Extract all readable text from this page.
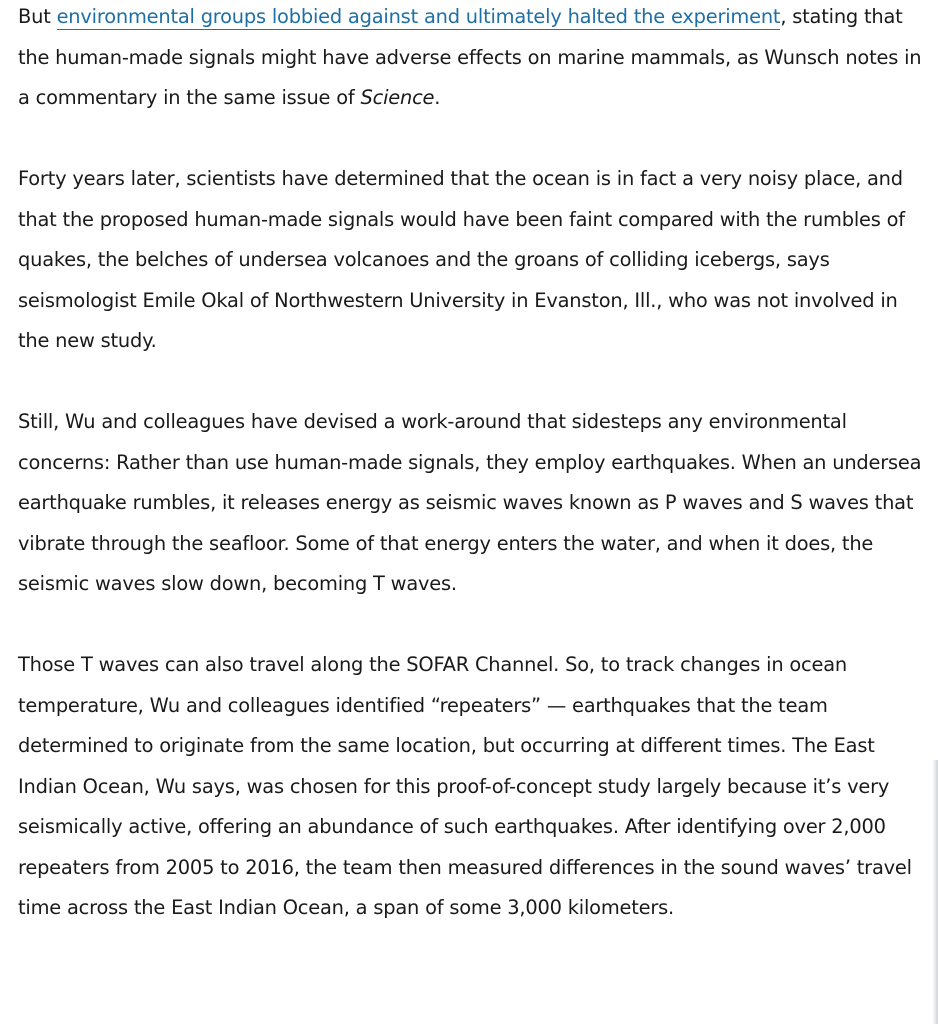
But environmental groups lobbied against and ultimately halted the experiment, stating that the human-made signals might have adverse effects on marine mammals, as Wunsch notes in a commentary in the same issue of Science.

Forty years later, scientists have determined that the ocean is in fact a very noisy place, and that the proposed human-made signals would have been faint compared with the rumbles of quakes, the belches of undersea volcanoes and the groans of colliding icebergs, says seismologist Emile Okal of Northwestern University in Evanston, Ill., who was not involved in the new study.

Still, Wu and colleagues have devised a work-around that sidesteps any environmental concerns: Rather than use human-made signals, they employ earthquakes. When an undersea earthquake rumbles, it releases energy as seismic waves known as P waves and S waves that vibrate through the seafloor. Some of that energy enters the water, and when it does, the seismic waves slow down, becoming T waves.

Those T waves can also travel along the SOFAR Channel. So, to track changes in ocean temperature, Wu and colleagues identified “repeaters” — earthquakes that the team determined to originate from the same location, but occurring at different times. The East Indian Ocean, Wu says, was chosen for this proof-of-concept study largely because it’s very seismically active, offering an abundance of such earthquakes. After identifying over 2,000 repeaters from 2005 to 2016, the team then measured differences in the sound waves’ travel time across the East Indian Ocean, a span of some 3,000 kilometers.
